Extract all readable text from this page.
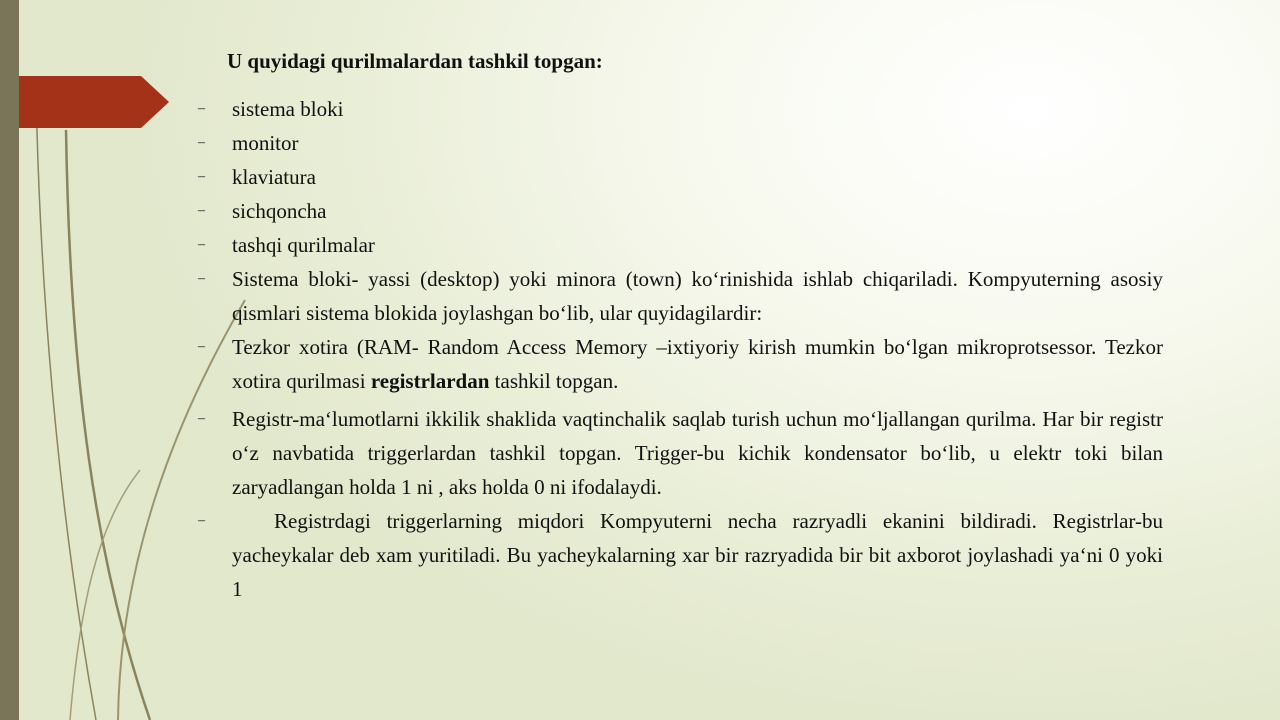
U quyidagi qurilmalardan tashkil topgan:
– sistema bloki
– monitor
– klaviatura
– sichqoncha
– tashqi qurilmalar
– Sistema bloki- yassi (desktop) yoki minora (town) ko‘rinishida ishlab chiqariladi. Kompyuterning asosiy qismlari sistema blokida joylashgan bo‘lib, ular quyidagilardir:
– Tezkor xotira (RAM- Random Access Memory –ixtiyoriy kirish mumkin bo‘lgan mikroprotsessor. Tezkor xotira qurilmasi registrlardan tashkil topgan.
– Registr-ma‘lumotlarni ikkilik shaklida vaqtinchalik saqlab turish uchun mo‘ljallangan qurilma. Har bir registr o‘z navbatida triggerlardan tashkil topgan. Trigger-bu kichik kondensator bo‘lib, u elektr toki bilan zaryadlangan holda 1 ni , aks holda 0 ni ifodalaydi.
–	Registrdagi triggerlarning miqdori Kompyuterni necha razryadli ekanini bildiradi. Registrlar-bu yacheykalar deb xam yuritiladi. Bu yacheykalarning xar bir razryadida bir bit axborot joylashadi ya‘ni 0 yoki 1
